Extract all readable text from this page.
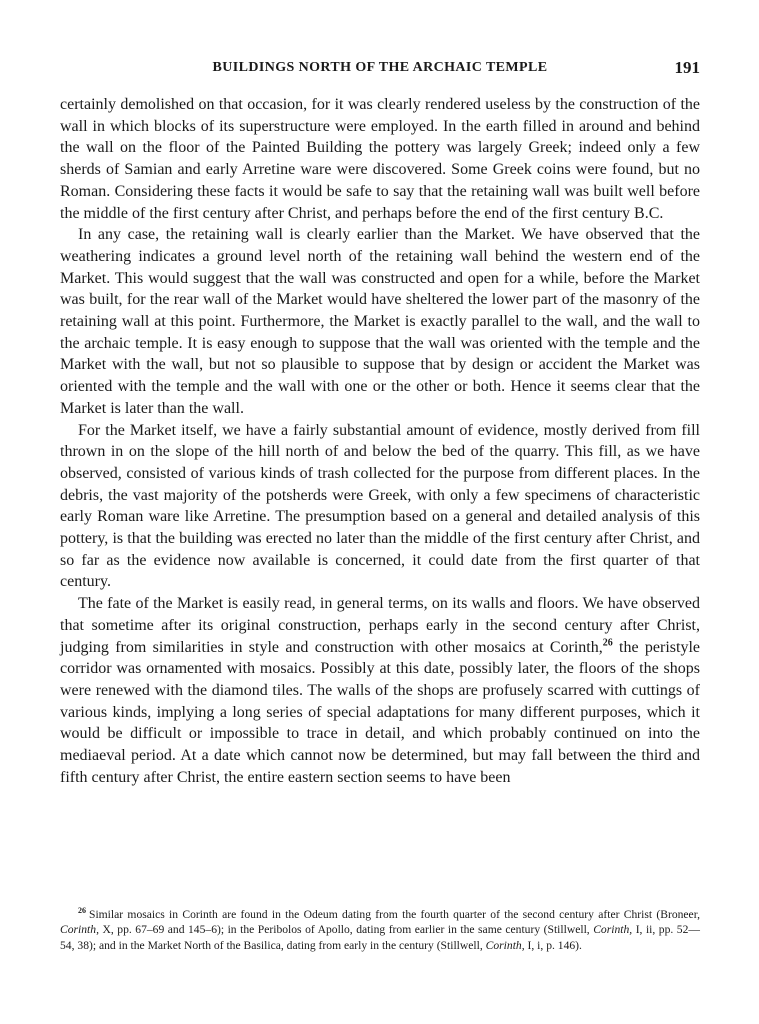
BUILDINGS NORTH OF THE ARCHAIC TEMPLE	191

certainly demolished on that occasion, for it was clearly rendered useless by the construction of the wall in which blocks of its superstructure were employed. In the earth filled in around and behind the wall on the floor of the Painted Building the pottery was largely Greek; indeed only a few sherds of Samian and early Arretine ware were discovered. Some Greek coins were found, but no Roman. Considering these facts it would be safe to say that the retaining wall was built well before the middle of the first century after Christ, and perhaps before the end of the first century B.C.

In any case, the retaining wall is clearly earlier than the Market. We have observed that the weathering indicates a ground level north of the retaining wall behind the western end of the Market. This would suggest that the wall was constructed and open for a while, before the Market was built, for the rear wall of the Market would have sheltered the lower part of the masonry of the retaining wall at this point. Furthermore, the Market is exactly parallel to the wall, and the wall to the archaic temple. It is easy enough to suppose that the wall was oriented with the temple and the Market with the wall, but not so plausible to suppose that by design or accident the Market was oriented with the temple and the wall with one or the other or both. Hence it seems clear that the Market is later than the wall.

For the Market itself, we have a fairly substantial amount of evidence, mostly derived from fill thrown in on the slope of the hill north of and below the bed of the quarry. This fill, as we have observed, consisted of various kinds of trash collected for the purpose from different places. In the debris, the vast majority of the potsherds were Greek, with only a few specimens of characteristic early Roman ware like Arretine. The presumption based on a general and detailed analysis of this pottery, is that the building was erected no later than the middle of the first century after Christ, and so far as the evidence now available is concerned, it could date from the first quarter of that century.

The fate of the Market is easily read, in general terms, on its walls and floors. We have observed that sometime after its original construction, perhaps early in the second century after Christ, judging from similarities in style and construction with other mosaics at Corinth,$^{26}$ the peristyle corridor was ornamented with mosaics. Possibly at this date, possibly later, the floors of the shops were renewed with the diamond tiles. The walls of the shops are profusely scarred with cuttings of various kinds, implying a long series of special adaptations for many different purposes, which it would be difficult or impossible to trace in detail, and which probably continued on into the mediaeval period. At a date which cannot now be determined, but may fall between the third and fifth century after Christ, the entire eastern section seems to have been

$^{26}$ Similar mosaics in Corinth are found in the Odeum dating from the fourth quarter of the second century after Christ (Broneer, Corinth, X, pp. 67–69 and 145–6); in the Peribolos of Apollo, dating from earlier in the same century (Stillwell, Corinth, I, ii, pp. 52—54, 38); and in the Market North of the Basilica, dating from early in the century (Stillwell, Corinth, I, i, p. 146).
